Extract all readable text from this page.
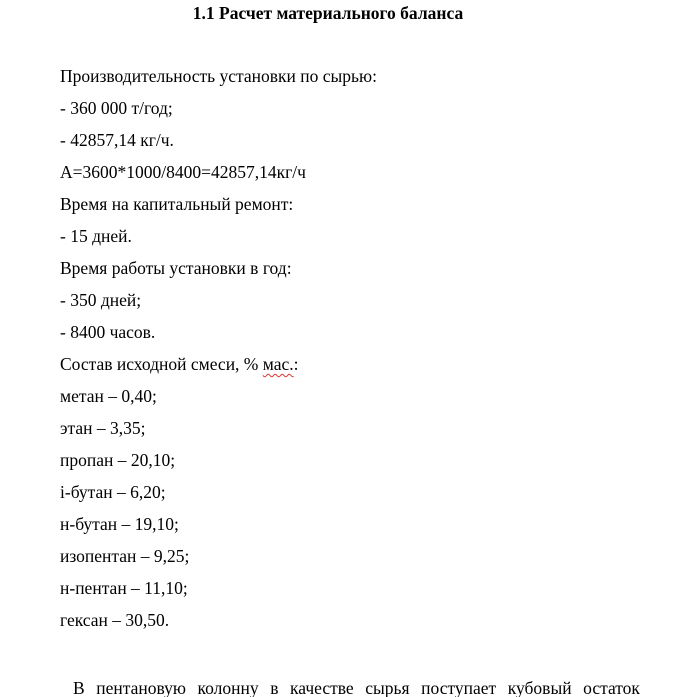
1.1 Расчет материального баланса
Производительность установки по сырью:
- 360 000 т/год;
- 42857,14 кг/ч.
А=3600*1000/8400=42857,14кг/ч
Время на капитальный ремонт:
- 15 дней.
Время работы установки в год:
- 350 дней;
- 8400 часов.
Состав исходной смеси, % мас.:
метан – 0,40;
этан – 3,35;
пропан – 20,10;
i-бутан – 6,20;
н-бутан – 19,10;
изопентан – 9,25;
н-пентан – 11,10;
гексан – 30,50.
В пентановую колонну в качестве сырья поступает кубовый остаток
